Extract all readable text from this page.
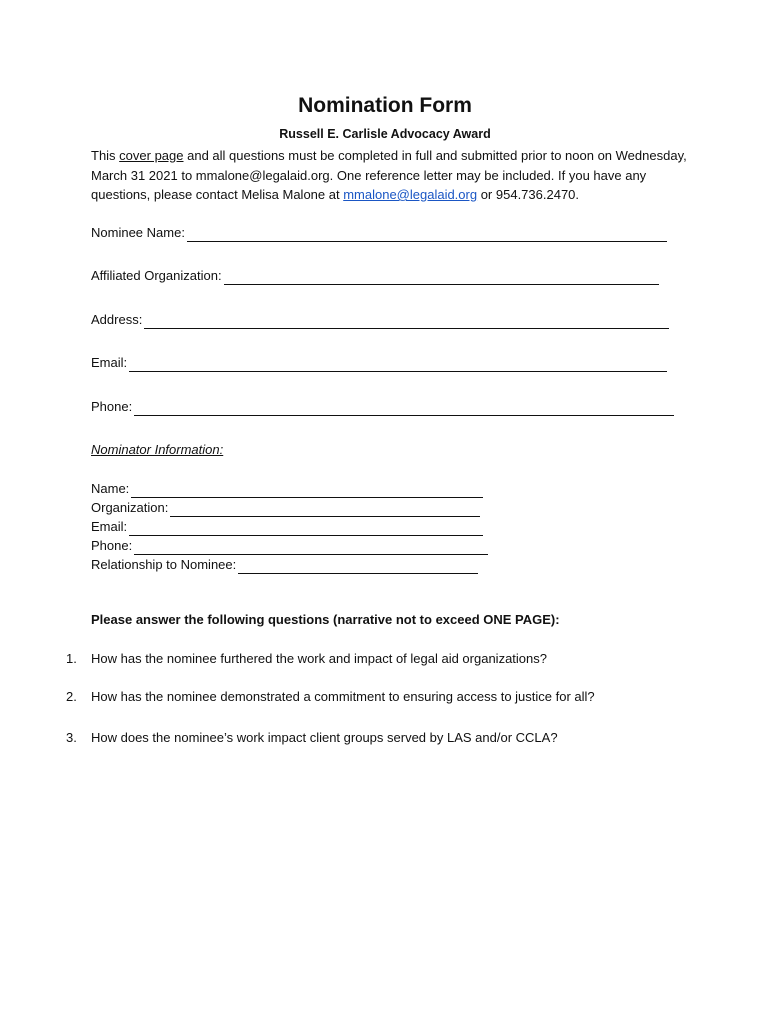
Nomination Form
Russell E. Carlisle Advocacy Award
This cover page and all questions must be completed in full and submitted prior to noon on Wednesday, March 31 2021 to mmalone@legalaid.org. One reference letter may be included. If you have any questions, please contact Melisa Malone at mmalone@legalaid.org or 954.736.2470.
Nominee Name:
Affiliated Organization:
Address:
Email:
Phone:
Nominator Information:
Name:
Organization:
Email:
Phone:
Relationship to Nominee:
Please answer the following questions (narrative not to exceed ONE PAGE):
1.	How has the nominee furthered the work and impact of legal aid organizations?
2.	How has the nominee demonstrated a commitment to ensuring access to justice for all?
3.	How does the nominee’s work impact client groups served by LAS and/or CCLA?
